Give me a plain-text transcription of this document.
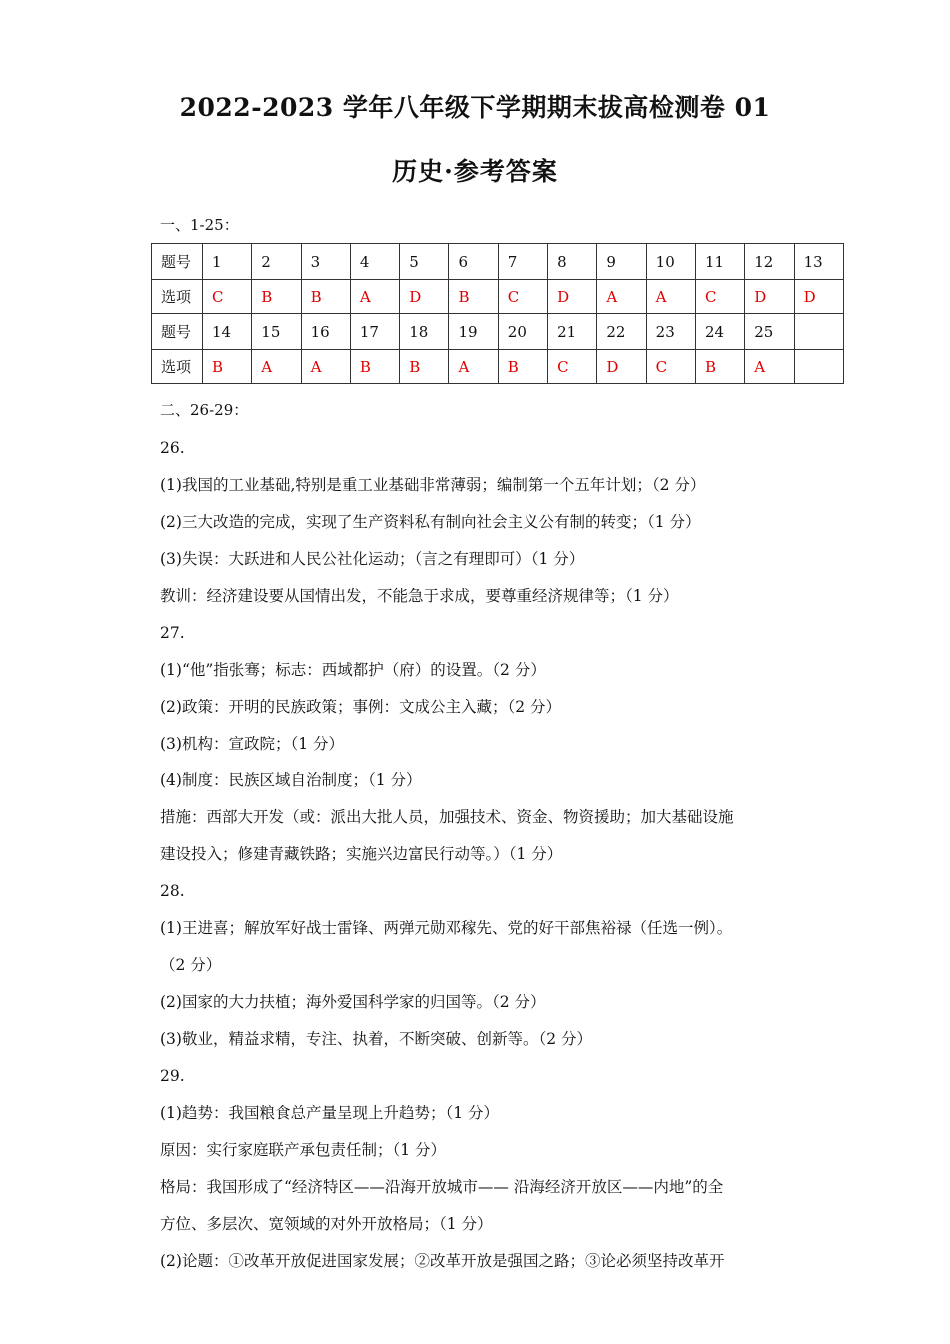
2022-2023 学年八年级下学期期末拔高检测卷 01
历史·参考答案
一、1-25：
题号	1	2	3	4	5	6	7	8	9	10	11	12	13
选项	C	B	B	A	D	B	C	D	A	A	C	D	D
题号	14	15	16	17	18	19	20	21	22	23	24	25	
选项	B	A	A	B	B	A	B	C	D	C	B	A	
二、26-29：
26.
(1)我国的工业基础,特别是重工业基础非常薄弱；编制第一个五年计划；（2 分）
(2)三大改造的完成，实现了生产资料私有制向社会主义公有制的转变；（1 分）
(3)失误：大跃进和人民公社化运动；（言之有理即可）（1 分）
教训：经济建设要从国情出发，不能急于求成，要尊重经济规律等；（1 分）
27.
(1)“他”指张骞；标志：西域都护（府）的设置。（2 分）
(2)政策：开明的民族政策；事例：文成公主入藏；（2 分）
(3)机构：宣政院；（1 分）
(4)制度：民族区域自治制度；（1 分）
措施：西部大开发（或：派出大批人员，加强技术、资金、物资援助；加大基础设施
建设投入；修建青藏铁路；实施兴边富民行动等。）（1 分）
28.
(1)王进喜；解放军好战士雷锋、两弹元勋邓稼先、党的好干部焦裕禄（任选一例）。
（2 分）
(2)国家的大力扶植；海外爱国科学家的归国等。（2 分）
(3)敬业，精益求精，专注、执着，不断突破、创新等。（2 分）
29.
(1)趋势：我国粮食总产量呈现上升趋势；（1 分）
原因：实行家庭联产承包责任制；（1 分）
格局：我国形成了“经济特区——沿海开放城市—— 沿海经济开放区——内地”的全
方位、多层次、宽领域的对外开放格局；（1 分）
(2)论题：①改革开放促进国家发展；②改革开放是强国之路；③论必须坚持改革开
